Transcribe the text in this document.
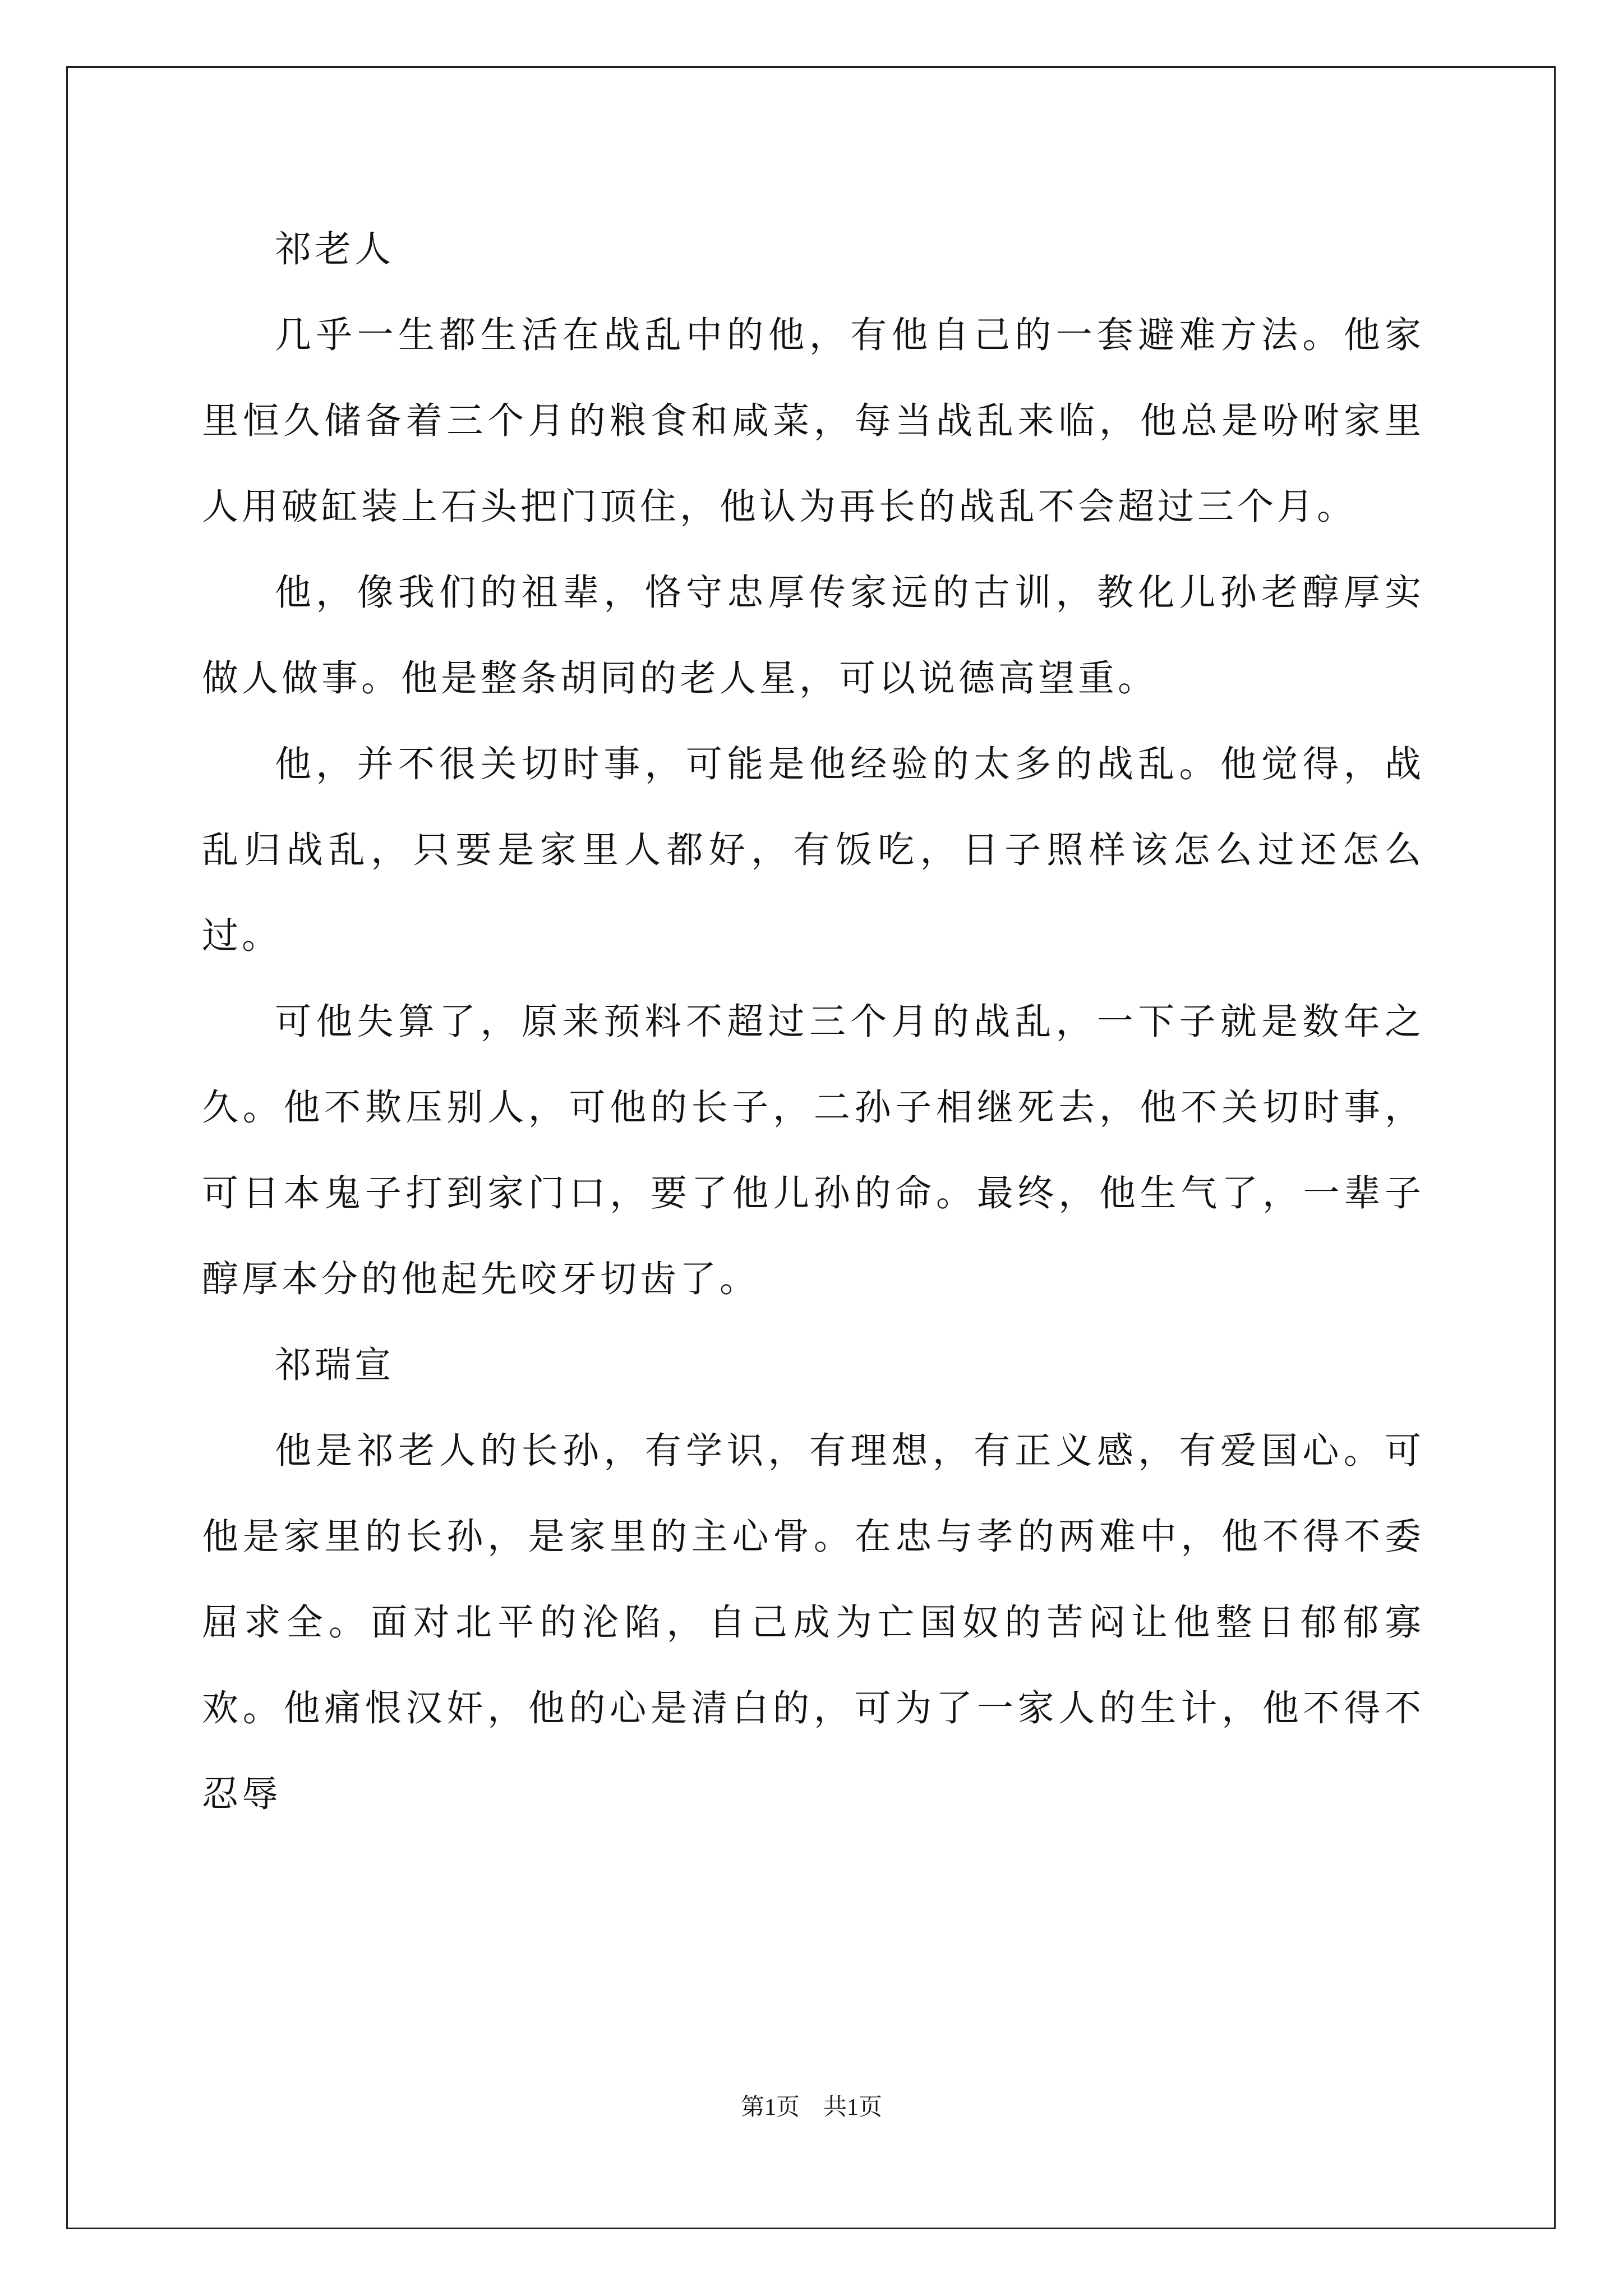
祁老人

几乎一生都生活在战乱中的他，有他自己的一套避难方法。他家里恒久储备着三个月的粮食和咸菜，每当战乱来临，他总是吩咐家里人用破缸装上石头把门顶住，他认为再长的战乱不会超过三个月。

他，像我们的祖辈，恪守忠厚传家远的古训，教化儿孙老醇厚实做人做事。他是整条胡同的老人星，可以说德高望重。

他，并不很关切时事，可能是他经验的太多的战乱。他觉得，战乱归战乱，只要是家里人都好，有饭吃，日子照样该怎么过还怎么过。

可他失算了，原来预料不超过三个月的战乱，一下子就是数年之久。他不欺压别人，可他的长子，二孙子相继死去，他不关切时事，可日本鬼子打到家门口，要了他儿孙的命。最终，他生气了，一辈子醇厚本分的他起先咬牙切齿了。

祁瑞宣

他是祁老人的长孙，有学识，有理想，有正义感，有爱国心。可他是家里的长孙，是家里的主心骨。在忠与孝的两难中，他不得不委屈求全。面对北平的沦陷，自己成为亡国奴的苦闷让他整日郁郁寡欢。他痛恨汉奸，他的心是清白的，可为了一家人的生计，他不得不忍辱

第1页　共1页
